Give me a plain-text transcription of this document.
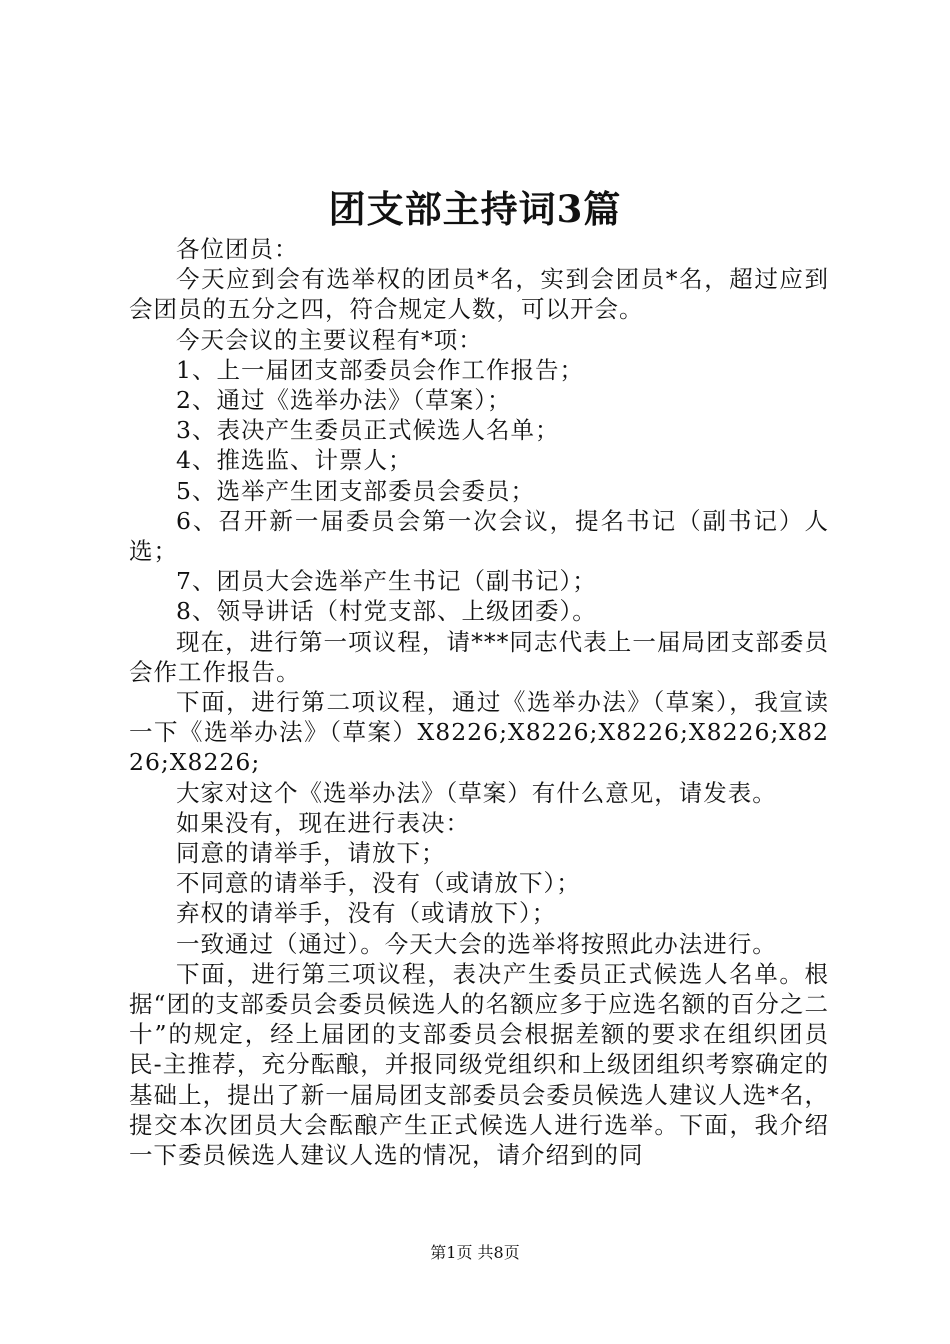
团支部主持词3篇

各位团员：

今天应到会有选举权的团员*名，实到会团员*名，超过应到会团员的五分之四，符合规定人数，可以开会。

今天会议的主要议程有*项：

1、上一届团支部委员会作工作报告；

2、通过《选举办法》（草案）；

3、表决产生委员正式候选人名单；

4、推选监、计票人；

5、选举产生团支部委员会委员；

6、召开新一届委员会第一次会议，提名书记（副书记）人选；

7、团员大会选举产生书记（副书记）；

8、领导讲话（村党支部、上级团委）。

现在，进行第一项议程，请***同志代表上一届局团支部委员会作工作报告。

下面，进行第二项议程，通过《选举办法》（草案），我宣读一下《选举办法》（草案）X8226;X8226;X8226;X8226;X8226;X8226;

大家对这个《选举办法》（草案）有什么意见，请发表。

如果没有，现在进行表决：

同意的请举手，请放下；

不同意的请举手，没有（或请放下）；

弃权的请举手，没有（或请放下）；

一致通过（通过）。今天大会的选举将按照此办法进行。

下面，进行第三项议程，表决产生委员正式候选人名单。根据“团的支部委员会委员候选人的名额应多于应选名额的百分之二十”的规定，经上届团的支部委员会根据差额的要求在组织团员民-主推荐，充分酝酿，并报同级党组织和上级团组织考察确定的基础上，提出了新一届局团支部委员会委员候选人建议人选*名，提交本次团员大会酝酿产生正式候选人进行选举。下面，我介绍一下委员候选人建议人选的情况，请介绍到的同

第1页 共8页
